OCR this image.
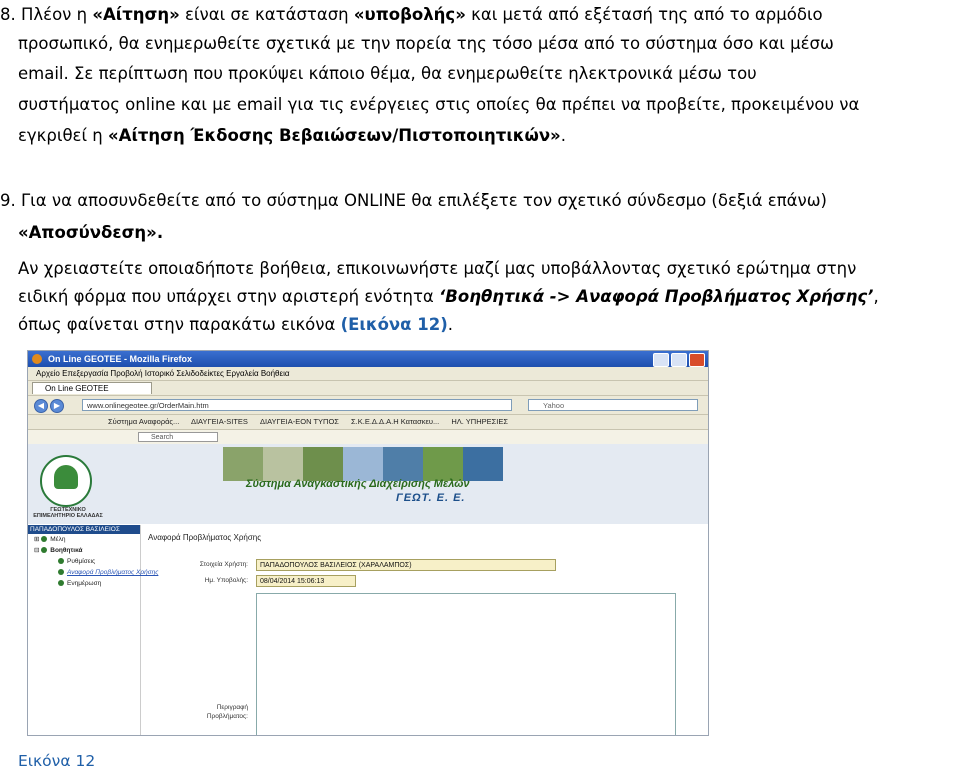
8. Πλέον η «Αίτηση» είναι σε κατάσταση «υποβολής» και μετά από εξέτασή της από το αρμόδιο
προσωπικό, θα ενημερωθείτε σχετικά με την πορεία της τόσο μέσα από το σύστημα όσο και μέσω
email. Σε περίπτωση που προκύψει κάποιο θέμα, θα ενημερωθείτε ηλεκτρονικά μέσω του
συστήματος online και με email για τις ενέργειες στις οποίες θα πρέπει να προβείτε, προκειμένου να
εγκριθεί η «Αίτηση Έκδοσης Βεβαιώσεων/Πιστοποιητικών».
9. Για να αποσυνδεθείτε από το σύστημα ONLINE θα επιλέξετε τον σχετικό σύνδεσμο (δεξιά επάνω)
«Αποσύνδεση».
Αν χρειαστείτε οποιαδήποτε βοήθεια, επικοινωνήστε μαζί μας υποβάλλοντας σχετικό ερώτημα στην
ειδική φόρμα που υπάρχει στην αριστερή ενότητα ‘Βοηθητικά -> Αναφορά Προβλήματος Χρήσης’,
όπως φαίνεται στην παρακάτω εικόνα (Εικόνα 12).
On Line GEOTEE - Mozilla Firefox
Αρχείο Επεξεργασία Προβολή Ιστορικό Σελιδοδείκτες Εργαλεία Βοήθεια
On Line GEOTEE
◀	▶	www.onlinegeotee.gr/OrderMain.htm	Yahoo
Σύστημα Αναφοράς... ΔΙΑΥΓΕΙΑ-SITES ΔΙΑΥΓΕΙΑ-ΕΟΝ ΤΥΠΟΣ Σ.Κ.Ε.Δ.Δ.Α.Η Κατασκευ... ΗΛ. ΥΠΗΡΕΣΙΕΣ
Search
ΓΕΩΤΕΧΝΙΚΟ ΕΠΙΜΕΛΗΤΗΡΙΟ ΕΛΛΑΔΑΣ
Σύστημα Αναγκαστικής Διαχείρισης Μελών
ΓΕΩΤ. Ε. Ε.
ΠΑΠΑΔΟΠΟΥΛΟΣ ΒΑΣΙΛΕΙΟΣ
⊞ Μέλη
⊟ Βοηθητικά
Ρυθμίσεις
Αναφορά Προβλήματος Χρήσης
Ενημέρωση
Αναφορά Προβλήματος Χρήσης
Στοιχεία Χρήστη:	ΠΑΠΑΔΟΠΟΥΛΟΣ ΒΑΣΙΛΕΙΟΣ (ΧΑΡΑΛΑΜΠΟΣ)
Ημ. Υποβολής:	08/04/2014 15:06:13
Περιγραφή Προβλήματος:
Εικόνα 12
